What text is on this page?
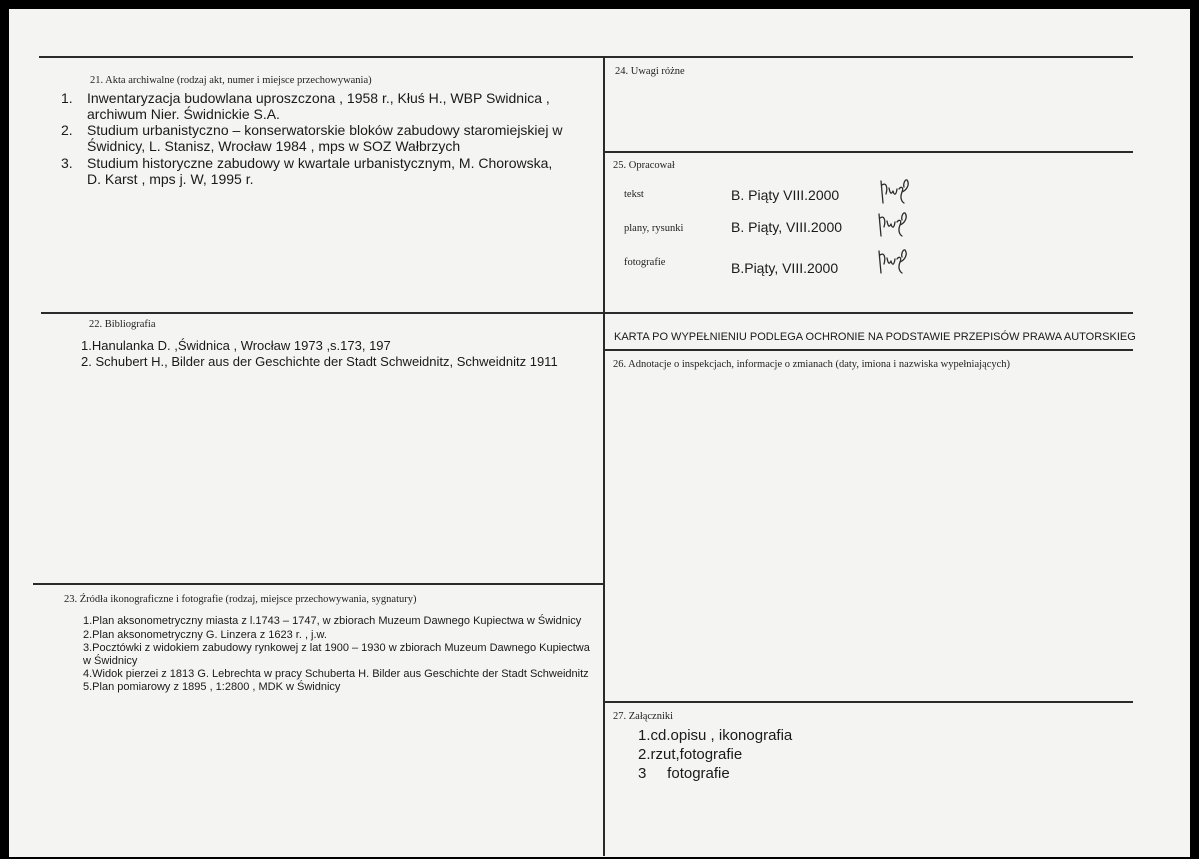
21. Akta archiwalne (rodzaj akt, numer i miejsce przechowywania)
1. Inwentaryzacja budowlana uproszczona , 1958 r., Kłuś H., WBP Swidnica ,
archiwum Nier. Świdnickie S.A.
2. Studium urbanistyczno – konserwatorskie bloków zabudowy staromiejskiej w
Świdnicy, L. Stanisz, Wrocław 1984 , mps w SOZ Wałbrzych
3. Studium historyczne zabudowy w kwartale urbanistycznym, M. Chorowska,
D. Karst , mps j. W, 1995 r.
22. Bibliografia
1.Hanulanka D. ,Świdnica , Wrocław 1973 ,s.173, 197
2. Schubert H., Bilder aus der Geschichte der Stadt Schweidnitz, Schweidnitz 1911
23. Źródła ikonograficzne i fotografie (rodzaj, miejsce przechowywania, sygnatury)
1.Plan aksonometryczny miasta z l.1743 – 1747, w zbiorach Muzeum Dawnego Kupiectwa w Świdnicy
2.Plan aksonometryczny G. Linzera z 1623 r. , j.w.
3.Pocztówki z widokiem zabudowy rynkowej z lat 1900 – 1930 w zbiorach Muzeum Dawnego Kupiectwa
w Świdnicy
4.Widok pierzei z 1813 G. Lebrechta w pracy Schuberta H. Bilder aus Geschichte der Stadt Schweidnitz
5.Plan pomiarowy z 1895 , 1:2800 , MDK w Świdnicy
24. Uwagi różne
25. Opracował
tekst	B. Piąty VIII.2000
plany, rysunki	B. Piąty, VIII.2000
fotografie	B.Piąty, VIII.2000
KARTA PO WYPEŁNIENIU PODLEGA OCHRONIE NA PODSTAWIE PRZEPISÓW PRAWA AUTORSKIEG
26. Adnotacje o inspekcjach, informacje o zmianach (daty, imiona i nazwiska wypełniających)
27. Załączniki
1.cd.opisu , ikonografia
2.rzut,fotografie
3     fotografie
